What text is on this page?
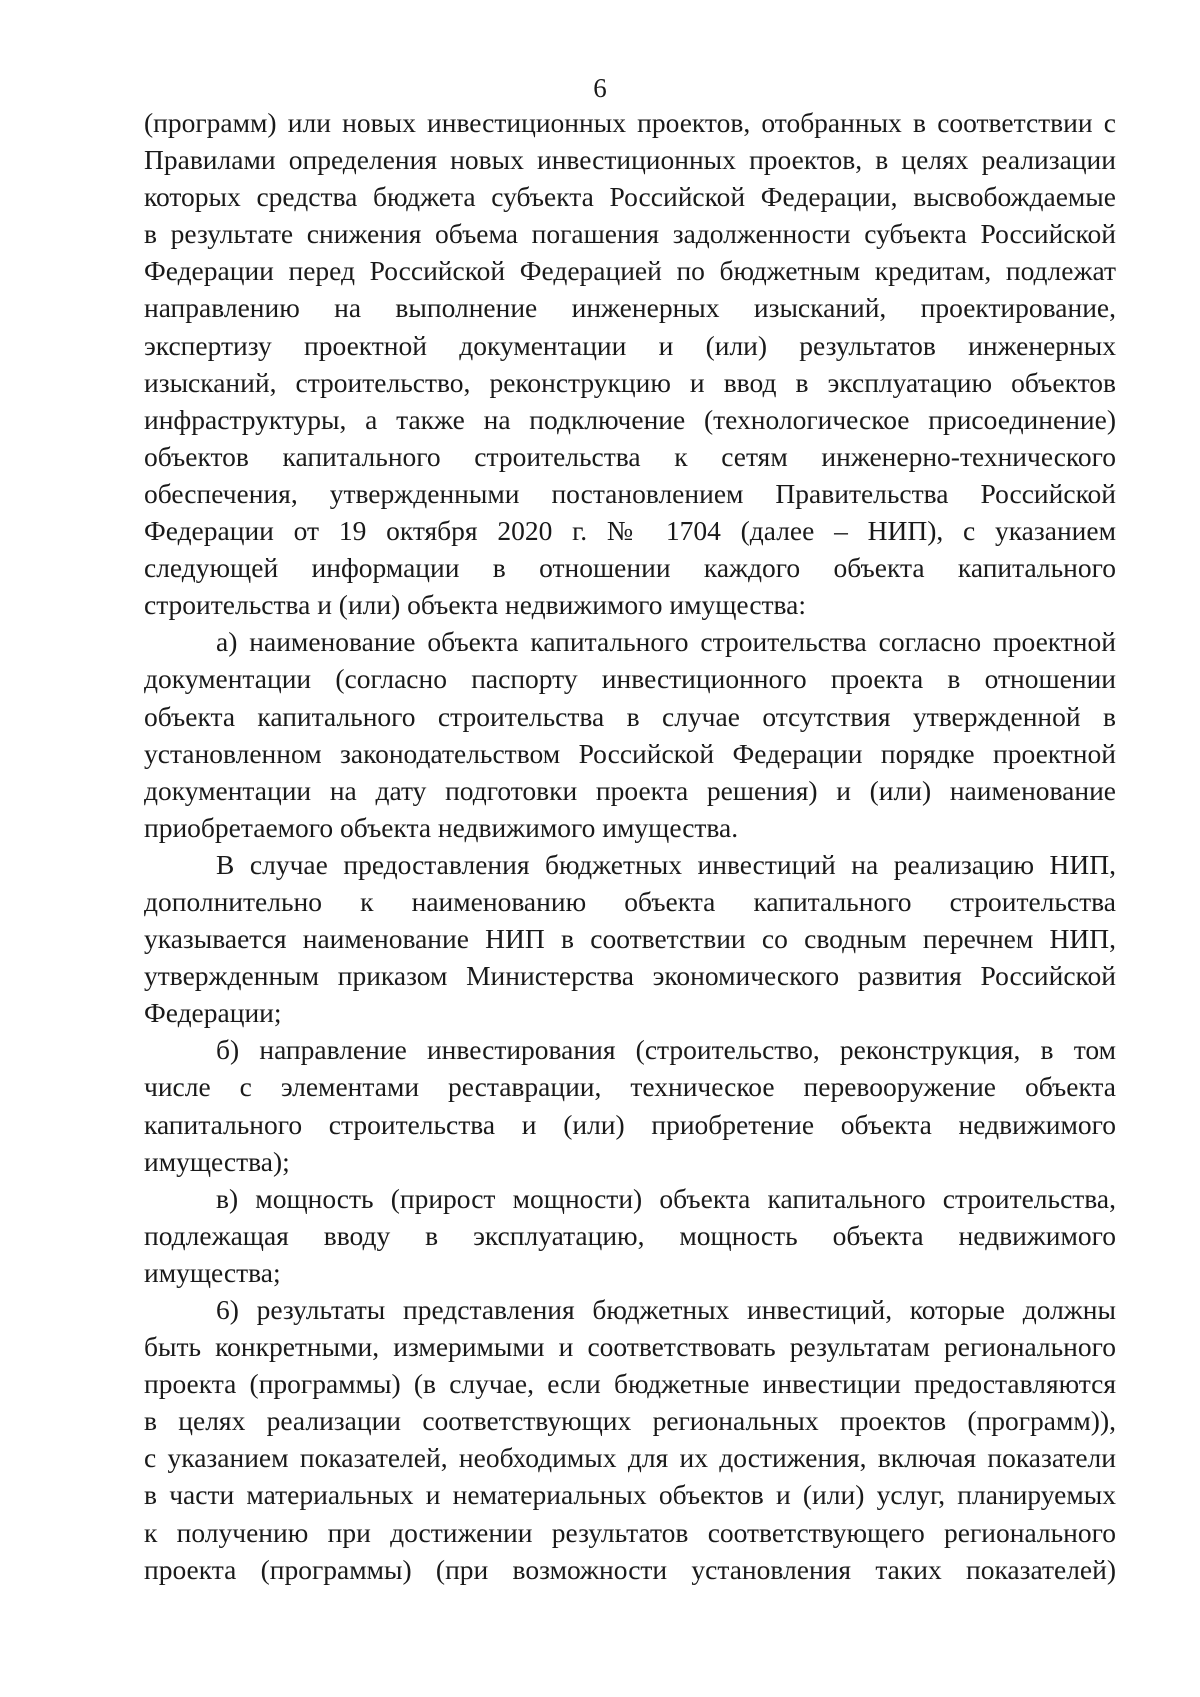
6
(программ) или новых инвестиционных проектов, отобранных в соответствии с
Правилами определения новых инвестиционных проектов, в целях реализации
которых средства бюджета субъекта Российской Федерации, высвобождаемые
в результате снижения объема погашения задолженности субъекта Российской
Федерации перед Российской Федерацией по бюджетным кредитам, подлежат
направлению на выполнение инженерных изысканий, проектирование,
экспертизу проектной документации и (или) результатов инженерных
изысканий, строительство, реконструкцию и ввод в эксплуатацию объектов
инфраструктуры, а также на подключение (технологическое присоединение)
объектов капитального строительства к сетям инженерно-технического
обеспечения, утвержденными постановлением Правительства Российской
Федерации от 19 октября 2020 г. № 1704 (далее – НИП), с указанием
следующей информации в отношении каждого объекта капитального
строительства и (или) объекта недвижимого имущества:
а) наименование объекта капитального строительства согласно проектной
документации (согласно паспорту инвестиционного проекта в отношении
объекта капитального строительства в случае отсутствия утвержденной в
установленном законодательством Российской Федерации порядке проектной
документации на дату подготовки проекта решения) и (или) наименование
приобретаемого объекта недвижимого имущества.
В случае предоставления бюджетных инвестиций на реализацию НИП,
дополнительно к наименованию объекта капитального строительства
указывается наименование НИП в соответствии со сводным перечнем НИП,
утвержденным приказом Министерства экономического развития Российской
Федерации;
б) направление инвестирования (строительство, реконструкция, в том
числе с элементами реставрации, техническое перевооружение объекта
капитального строительства и (или) приобретение объекта недвижимого
имущества);
в) мощность (прирост мощности) объекта капитального строительства,
подлежащая вводу в эксплуатацию, мощность объекта недвижимого
имущества;
6) результаты представления бюджетных инвестиций, которые должны
быть конкретными, измеримыми и соответствовать результатам регионального
проекта (программы) (в случае, если бюджетные инвестиции предоставляются
в целях реализации соответствующих региональных проектов (программ)),
с указанием показателей, необходимых для их достижения, включая показатели
в части материальных и нематериальных объектов и (или) услуг, планируемых
к получению при достижении результатов соответствующего регионального
проекта (программы) (при возможности установления таких показателей)
